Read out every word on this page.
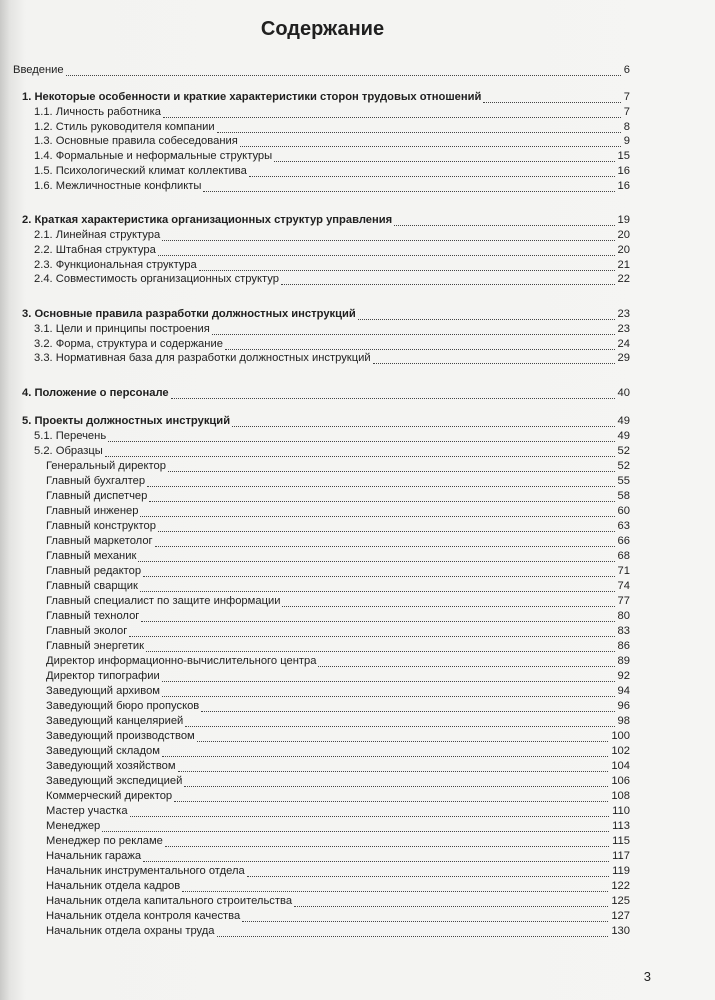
Содержание
Введение	6
1. Некоторые особенности и краткие характеристики сторон трудовых отношений	7
1.1. Личность работника	7
1.2. Стиль руководителя компании	8
1.3. Основные правила собеседования	9
1.4. Формальные и неформальные структуры	15
1.5. Психологический климат коллектива	16
1.6. Межличностные конфликты	16
2. Краткая характеристика организационных структур управления	19
2.1. Линейная структура	20
2.2. Штабная структура	20
2.3. Функциональная структура	21
2.4. Совместимость организационных структур	22
3. Основные правила разработки должностных инструкций	23
3.1. Цели и принципы построения	23
3.2. Форма, структура и содержание	24
3.3. Нормативная база для разработки должностных инструкций	29
4. Положение о персонале	40
5. Проекты должностных инструкций	49
5.1. Перечень	49
5.2. Образцы	52
Генеральный директор	52
Главный бухгалтер	55
Главный диспетчер	58
Главный инженер	60
Главный конструктор	63
Главный маркетолог	66
Главный механик	68
Главный редактор	71
Главный сварщик	74
Главный специалист по защите информации	77
Главный технолог	80
Главный эколог	83
Главный энергетик	86
Директор информационно-вычислительного центра	89
Директор типографии	92
Заведующий архивом	94
Заведующий бюро пропусков	96
Заведующий канцелярией	98
Заведующий производством	100
Заведующий складом	102
Заведующий хозяйством	104
Заведующий экспедицией	106
Коммерческий директор	108
Мастер участка	110
Менеджер	113
Менеджер по рекламе	115
Начальник гаража	117
Начальник инструментального отдела	119
Начальник отдела кадров	122
Начальник отдела капитального строительства	125
Начальник отдела контроля качества	127
Начальник отдела охраны труда	130
3
